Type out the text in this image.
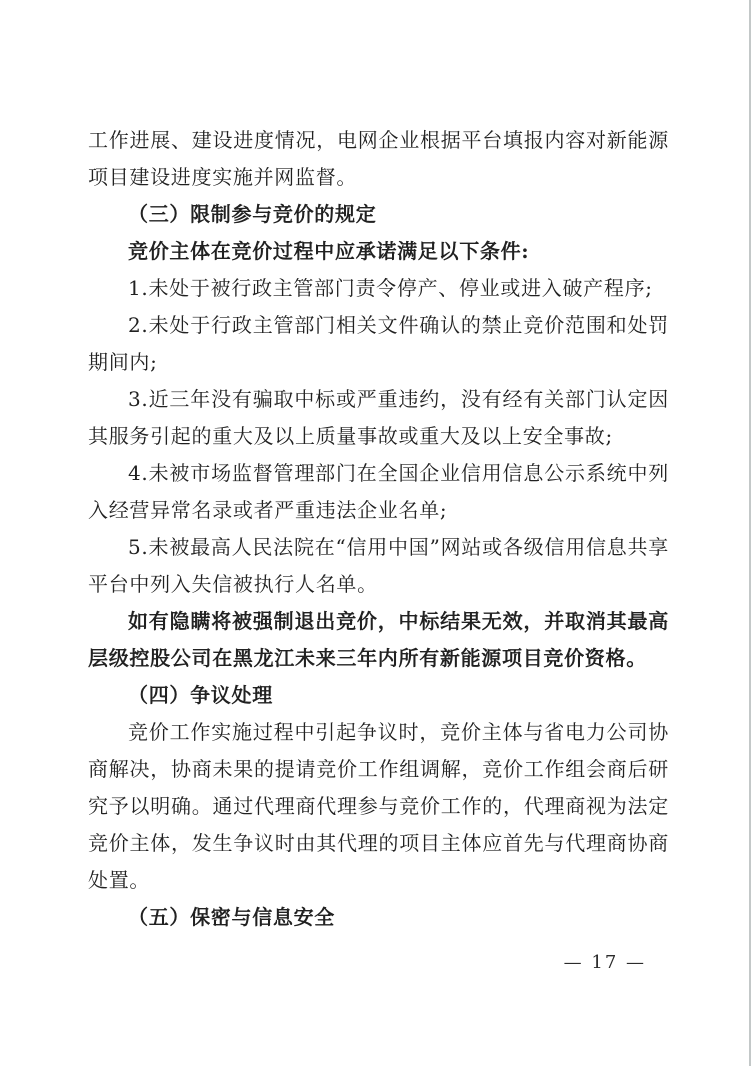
工作进展、建设进度情况，电网企业根据平台填报内容对新能源项目建设进度实施并网监督。

（三）限制参与竞价的规定

竞价主体在竞价过程中应承诺满足以下条件:

1.未处于被行政主管部门责令停产、停业或进入破产程序;

2.未处于行政主管部门相关文件确认的禁止竞价范围和处罚期间内;

3.近三年没有骗取中标或严重违约，没有经有关部门认定因其服务引起的重大及以上质量事故或重大及以上安全事故;

4.未被市场监督管理部门在全国企业信用信息公示系统中列入经营异常名录或者严重违法企业名单;

5.未被最高人民法院在“信用中国”网站或各级信用信息共享平台中列入失信被执行人名单。

如有隐瞒将被强制退出竞价，中标结果无效，并取消其最高层级控股公司在黑龙江未来三年内所有新能源项目竞价资格。

（四）争议处理

竞价工作实施过程中引起争议时，竞价主体与省电力公司协商解决，协商未果的提请竞价工作组调解，竞价工作组会商后研究予以明确。通过代理商代理参与竞价工作的，代理商视为法定竞价主体，发生争议时由其代理的项目主体应首先与代理商协商处置。

（五）保密与信息安全

— 17 —
